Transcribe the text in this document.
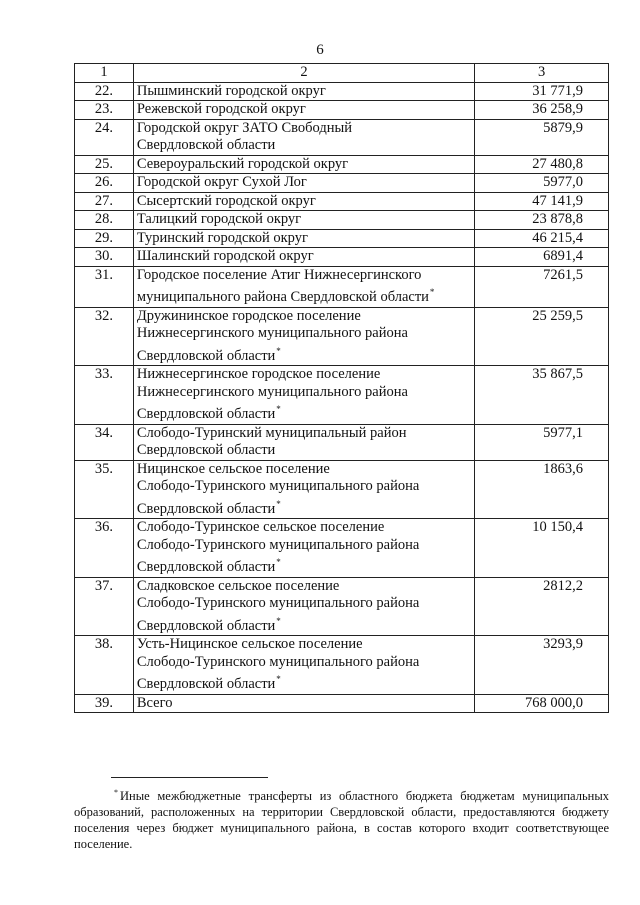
6
1	2	3
22.	Пышминский городской округ	31 771,9
23.	Режевской городской округ	36 258,9
24.	Городской округ ЗАТО Свободный
Свердловской области	5879,9
25.	Североуральский городской округ	27 480,8
26.	Городской округ Сухой Лог	5977,0
27.	Сысертский городской округ	47 141,9
28.	Талицкий городской округ	23 878,8
29.	Туринский городской округ	46 215,4
30.	Шалинский городской округ	6891,4
31.	Городское поселение Атиг Нижнесергинского
муниципального района Свердловской области*	7261,5
32.	Дружининское городское поселение
Нижнесергинского муниципального района
Свердловской области*	25 259,5
33.	Нижнесергинское городское поселение
Нижнесергинского муниципального района
Свердловской области*	35 867,5
34.	Слободо-Туринский муниципальный район
Свердловской области	5977,1
35.	Ницинское сельское поселение
Слободо-Туринского муниципального района
Свердловской области*	1863,6
36.	Слободо-Туринское сельское поселение
Слободо-Туринского муниципального района
Свердловской области*	10 150,4
37.	Сладковское сельское поселение
Слободо-Туринского муниципального района
Свердловской области*	2812,2
38.	Усть-Ницинское сельское поселение
Слободо-Туринского муниципального района
Свердловской области*	3293,9
39.	Всего	768 000,0
* Иные межбюджетные трансферты из областного бюджета бюджетам муниципальных образований, расположенных на территории Свердловской области, предоставляются бюджету поселения через бюджет муниципального района, в состав которого входит соответствующее поселение.
